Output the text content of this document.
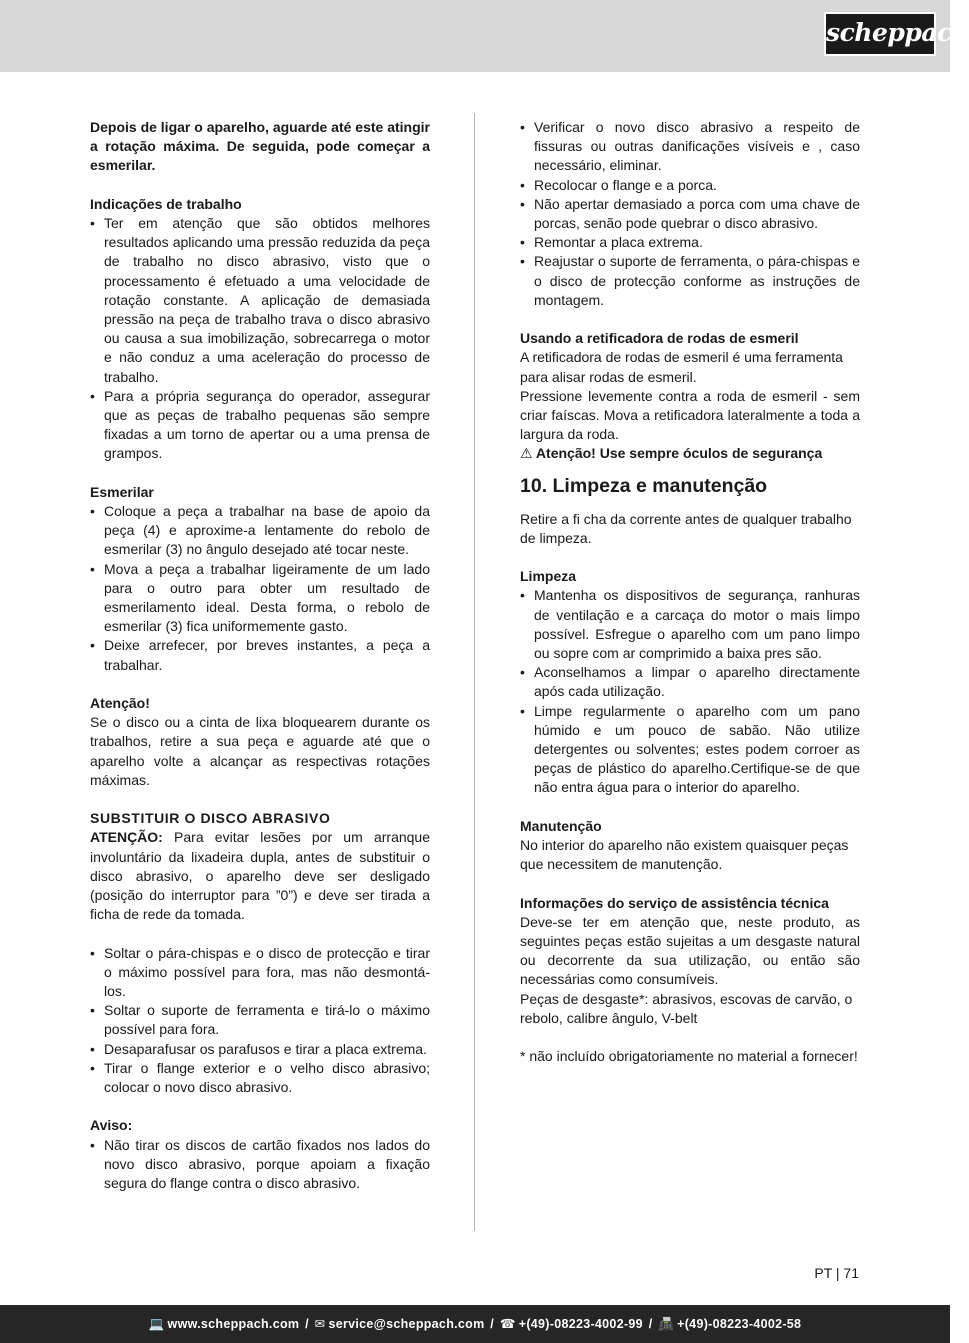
scheppach

Depois de ligar o aparelho, aguarde até este atingir a rotação máxima. De seguida, pode começar a esmerilar.

Indicações de trabalho

• Ter em atenção que são obtidos melhores resultados aplicando uma pressão reduzida da peça de trabalho no disco abrasivo, visto que o processamento é efetuado a uma velocidade de rotação constante. A aplicação de demasiada pressão na peça de trabalho trava o disco abrasivo ou causa a sua imobilização, sobrecarrega o motor e não conduz a uma aceleração do processo de trabalho.
• Para a própria segurança do operador, assegurar que as peças de trabalho pequenas são sempre fixadas a um torno de apertar ou a uma prensa de grampos.

Esmerilar

• Coloque a peça a trabalhar na base de apoio da peça (4) e aproxime-a lentamente do rebolo de esmerilar (3) no ângulo desejado até tocar neste.
• Mova a peça a trabalhar ligeiramente de um lado para o outro para obter um resultado de esmerilamento ideal. Desta forma, o rebolo de esmerilar (3) fica uniformemente gasto.
• Deixe arrefecer, por breves instantes, a peça a trabalhar.

Atenção!

Se o disco ou a cinta de lixa bloquearem durante os trabalhos, retire a sua peça e aguarde até que o aparelho volte a alcançar as respectivas rotações máximas.

SUBSTITUIR O DISCO ABRASIVO

ATENÇÃO: Para evitar lesões por um arranque involuntário da lixadeira dupla, antes de substituir o disco abrasivo, o aparelho deve ser desligado (posição do interruptor para ”0”) e deve ser tirada a ficha de rede da tomada.

• Soltar o pára-chispas e o disco de protecção e tirar o máximo possível para fora, mas não desmontá-los.
• Soltar o suporte de ferramenta e tirá-lo o máximo possível para fora.
• Desaparafusar os parafusos e tirar a placa extrema.
• Tirar o flange exterior e o velho disco abrasivo; colocar o novo disco abrasivo.

Aviso:

• Não tirar os discos de cartão fixados nos lados do novo disco abrasivo, porque apoiam a fixação segura do flange contra o disco abrasivo.
• Verificar o novo disco abrasivo a respeito de fissuras ou outras danificações visíveis e , caso necessário, eliminar.
• Recolocar o flange e a porca.
• Não apertar demasiado a porca com uma chave de porcas, senão pode quebrar o disco abrasivo.
• Remontar a placa extrema.
• Reajustar o suporte de ferramenta, o pára-chispas e o disco de protecção conforme as instruções de montagem.

Usando a retificadora de rodas de esmeril

A retificadora de rodas de esmeril é uma ferramenta para alisar rodas de esmeril.

Pressione levemente contra a roda de esmeril - sem criar faíscas. Mova a retificadora lateralmente a toda a largura da roda.

⚠ Atenção! Use sempre óculos de segurança

10. Limpeza e manutenção

Retire a fi cha da corrente antes de qualquer trabalho de limpeza.

Limpeza

• Mantenha os dispositivos de segurança, ranhuras de ventilação e a carcaça do motor o mais limpo possível. Esfregue o aparelho com um pano limpo ou sopre com ar comprimido a baixa pres são.
• Aconselhamos a limpar o aparelho directamente após cada utilização.
• Limpe regularmente o aparelho com um pano húmido e um pouco de sabão. Não utilize detergentes ou solventes; estes podem corroer as peças de plástico do aparelho.Certifique-se de que não entra água para o interior do aparelho.

Manutenção

No interior do aparelho não existem quaisquer peças que necessitem de manutenção.

Informações do serviço de assistência técnica

Deve-se ter em atenção que, neste produto, as seguintes peças estão sujeitas a um desgaste natural ou decorrente da sua utilização, ou então são necessárias como consumíveis.

Peças de desgaste*: abrasivos, escovas de carvão, o rebolo, calibre ângulo, V-belt

* não incluído obrigatoriamente no material a fornecer!

PT | 71
💻 www.scheppach.com / ✉ service@scheppach.com / ☎ +(49)-08223-4002-99 / 📠 +(49)-08223-4002-58
